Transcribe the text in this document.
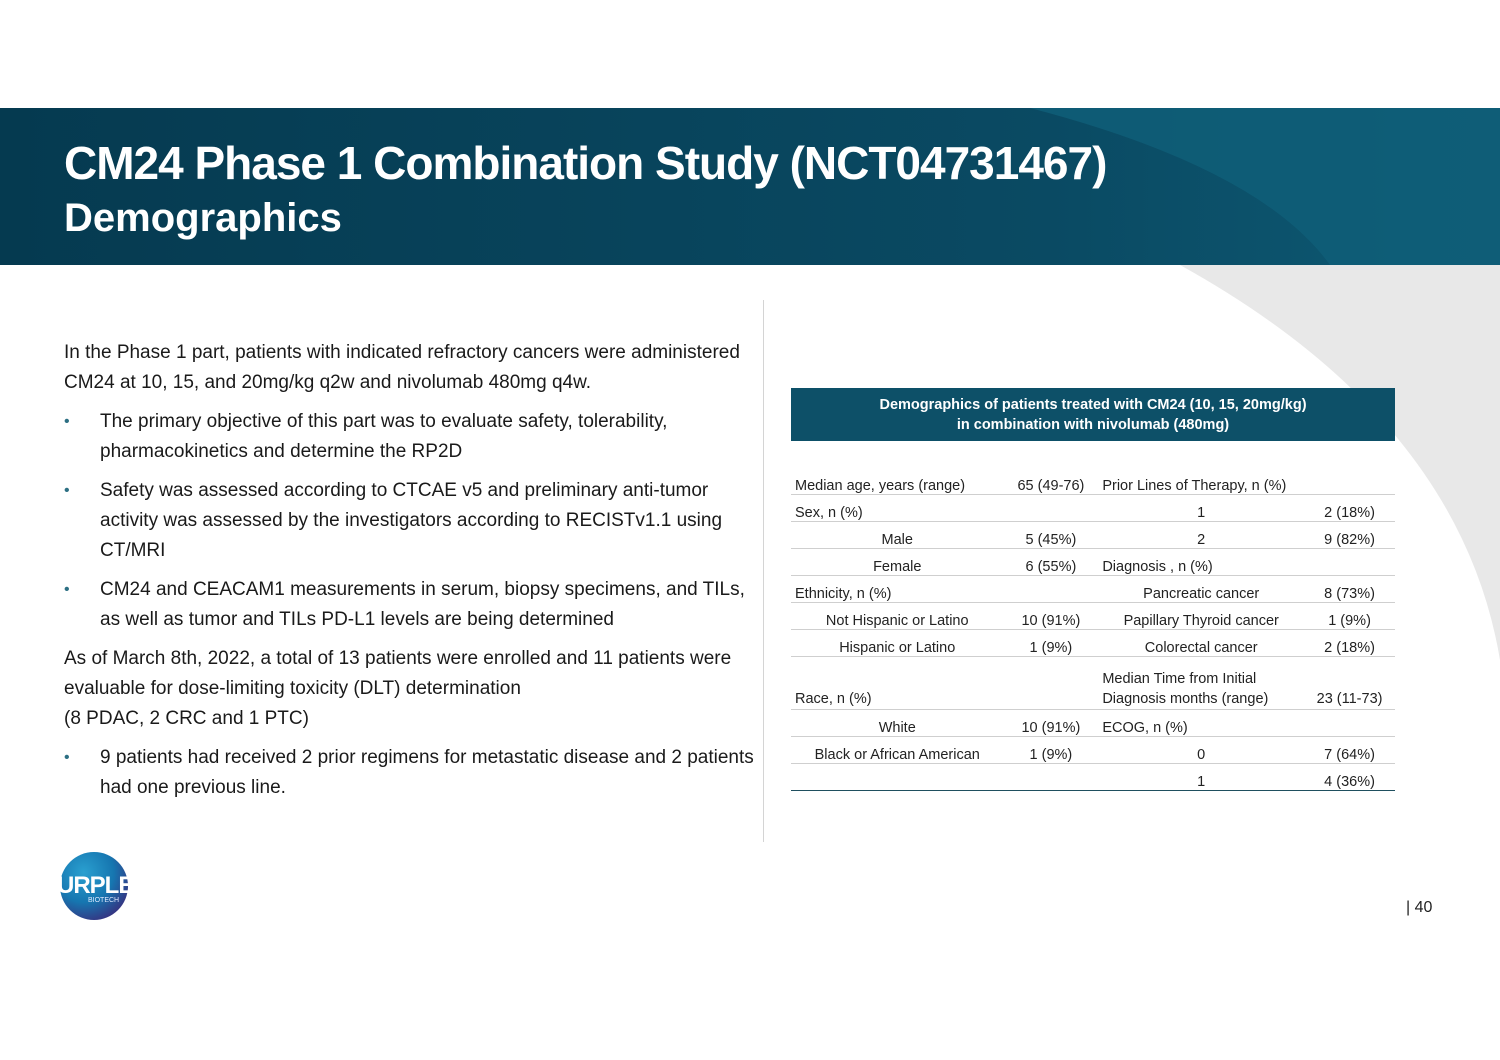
CM24 Phase 1 Combination Study (NCT04731467)
Demographics

In the Phase 1 part, patients with indicated refractory cancers were administered CM24 at 10, 15, and 20mg/kg q2w and nivolumab 480mg q4w.

• The primary objective of this part was to evaluate safety, tolerability, pharmacokinetics and determine the RP2D
• Safety was assessed according to CTCAE v5 and preliminary anti-tumor activity was assessed by the investigators according to RECISTv1.1 using CT/MRI
• CM24 and CEACAM1 measurements in serum, biopsy specimens, and TILs, as well as tumor and TILs PD-L1 levels are being determined

As of March 8th, 2022, a total of 13 patients were enrolled and 11 patients were evaluable for dose-limiting toxicity (DLT) determination
(8 PDAC, 2 CRC and 1 PTC)

• 9 patients had received 2 prior regimens for metastatic disease and 2 patients had one previous line.
Demographics of patients treated with CM24 (10, 15, 20mg/kg)
in combination with nivolumab (480mg)
Median age, years (range)	65 (49-76)	Prior Lines of Therapy, n (%)	
Sex, n (%)		1	2 (18%)
Male	5 (45%)	2	9 (82%)
Female	6 (55%)	Diagnosis , n (%)	
Ethnicity, n (%)		Pancreatic cancer	8 (73%)
Not Hispanic or Latino	10 (91%)	Papillary Thyroid cancer	1 (9%)
Hispanic or Latino	1 (9%)	Colorectal cancer	2 (18%)
Race, n (%)		Median Time from Initial Diagnosis months (range)	23 (11-73)
White	10 (91%)	ECOG, n (%)	
Black or African American	1 (9%)	0	7 (64%)
		1	4 (36%)
PURPLE
BIOTECH	| 40
